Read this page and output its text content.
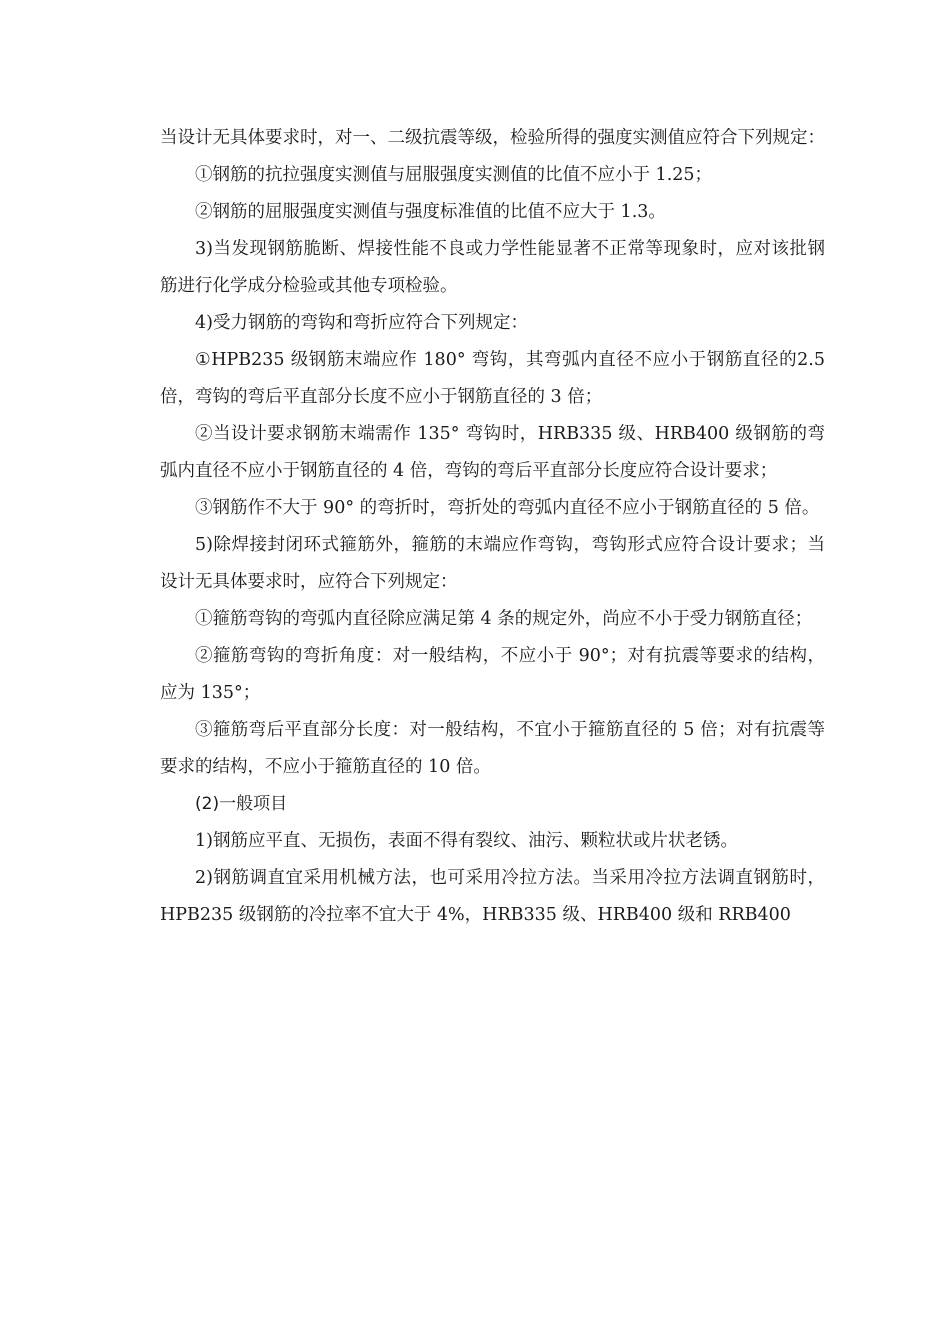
当设计无具体要求时，对一、二级抗震等级，检验所得的强度实测值应符合下列规定：

①钢筋的抗拉强度实测值与屈服强度实测值的比值不应小于 1.25；

②钢筋的屈服强度实测值与强度标准值的比值不应大于 1.3。

3)当发现钢筋脆断、焊接性能不良或力学性能显著不正常等现象时，应对该批钢筋进行化学成分检验或其他专项检验。

4)受力钢筋的弯钩和弯折应符合下列规定：

①HPB235 级钢筋末端应作 180° 弯钩，其弯弧内直径不应小于钢筋直径的2.5 倍，弯钩的弯后平直部分长度不应小于钢筋直径的 3 倍；

②当设计要求钢筋末端需作 135° 弯钩时，HRB335 级、HRB400 级钢筋的弯弧内直径不应小于钢筋直径的 4 倍，弯钩的弯后平直部分长度应符合设计要求；

③钢筋作不大于 90° 的弯折时，弯折处的弯弧内直径不应小于钢筋直径的 5 倍。

5)除焊接封闭环式箍筋外，箍筋的末端应作弯钩，弯钩形式应符合设计要求；当设计无具体要求时，应符合下列规定：

①箍筋弯钩的弯弧内直径除应满足第 4 条的规定外，尚应不小于受力钢筋直径；

②箍筋弯钩的弯折角度：对一般结构，不应小于 90°；对有抗震等要求的结构，应为 135°；

③箍筋弯后平直部分长度：对一般结构，不宜小于箍筋直径的 5 倍；对有抗震等要求的结构，不应小于箍筋直径的 10 倍。

(2)一般项目

1)钢筋应平直、无损伤，表面不得有裂纹、油污、颗粒状或片状老锈。

2)钢筋调直宜采用机械方法，也可采用冷拉方法。当采用冷拉方法调直钢筋时，HPB235 级钢筋的冷拉率不宜大于 4%，HRB335 级、HRB400 级和 RRB400
